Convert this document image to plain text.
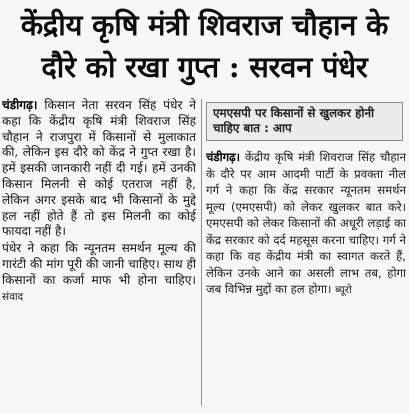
केंद्रीय कृषि मंत्री शिवराज चौहान के
दौरे को रखा गुप्त : सरवन पंधेर

चंडीगढ़। किसान नेता सरवन सिंह पंधेर ने कहा कि केंद्रीय कृषि मंत्री शिवराज सिंह चौहान ने राजपुरा में किसानों से मुलाकात की, लेकिन इस दौरे को केंद्र ने गुप्त रखा है। हमें इसकी जानकारी नहीं दी गई। हमें उनकी किसान मिलनी से कोई एतराज नहीं है, लेकिन अगर इसके बाद भी किसानों के मुद्दे हल नहीं होते हैं तो इस मिलनी का कोई फायदा नहीं है।

पंधेर ने कहा कि न्यूनतम समर्थन मूल्य की गारंटी की मांग पूरी की जानी चाहिए। साथ ही किसानों का कर्जा माफ भी होना चाहिए। संवाद

एमएसपी पर किसानों से खुलकर होनी चाहिए बात : आप
चंडीगढ़। केंद्रीय कृषि मंत्री शिवराज सिंह चौहान के दौरे पर आम आदमी पार्टी के प्रवक्ता नील गर्ग ने कहा कि केंद्र सरकार न्यूनतम समर्थन मूल्य (एमएसपी) को लेकर खुलकर बात करे। एमएसपी को लेकर किसानों की अधूरी लड़ाई का केंद्र सरकार को दर्द महसूस करना चाहिए। गर्ग ने कहा कि वह केंद्रीय मंत्री का स्वागत करते हैं, लेकिन उनके आने का असली लाभ तब, होगा जब विभिन्न मुद्दों का हल होगा। ब्यूरो
